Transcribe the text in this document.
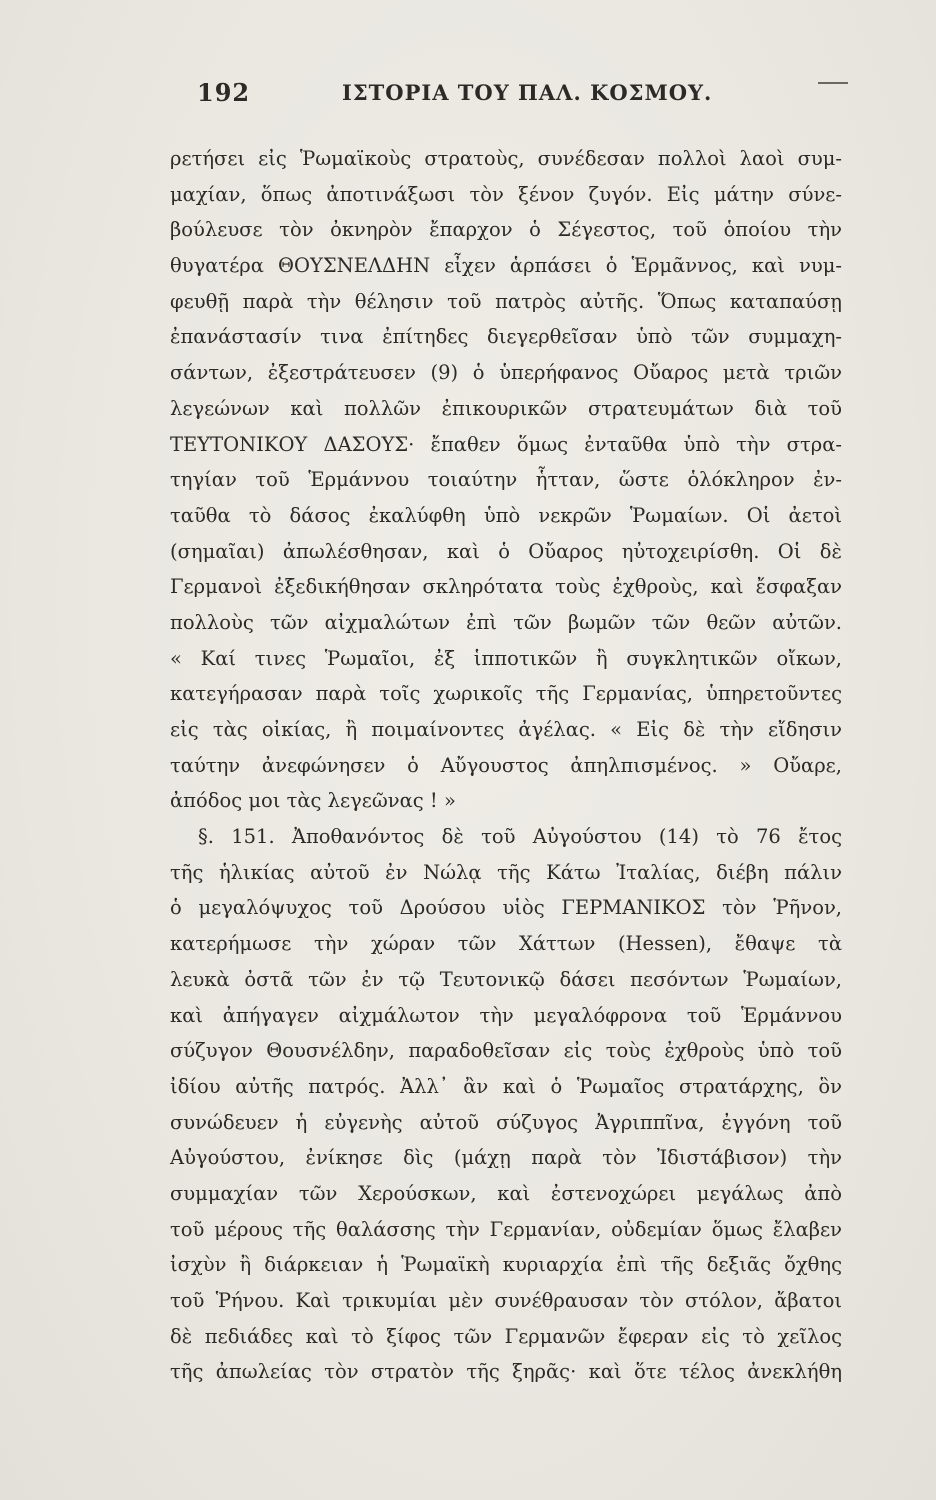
192	ΙΣΤΟΡΙΑ ΤΟΥ ΠΑΛ. ΚΟΣΜΟΥ.
ρετήσει εἰς Ῥωμαϊκοὺς στρατοὺς, συνέδεσαν πολλοὶ λαοὶ συμ-
μαχίαν, ὅπως ἀποτινάξωσι τὸν ξένον ζυγόν. Εἰς μάτην σύνε-
βούλευσε τὸν ὀκνηρὸν ἔπαρχον ὁ Σέγεστος, τοῦ ὁποίου τὴν
θυγατέρα ΘΟΥΣΝΕΛΔΗΝ εἶχεν ἁρπάσει ὁ Ἑρμᾶννος, καὶ νυμ-
φευθῇ παρὰ τὴν θέλησιν τοῦ πατρὸς αὐτῆς. Ὅπως καταπαύσῃ
ἐπανάστασίν τινα ἐπίτηδες διεγερθεῖσαν ὑπὸ τῶν συμμαχη-
σάντων, ἐξεστράτευσεν (9) ὁ ὑπερήφανος Οὔαρος μετὰ τριῶν
λεγεώνων καὶ πολλῶν ἐπικουρικῶν στρατευμάτων διὰ τοῦ
ΤΕΥΤΟΝΙΚΟΥ ΔΑΣΟΥΣ· ἔπαθεν ὅμως ἐνταῦθα ὑπὸ τὴν στρα-
τηγίαν τοῦ Ἑρμάννου τοιαύτην ἧτταν, ὥστε ὁλόκληρον ἐν-
ταῦθα τὸ δάσος ἐκαλύφθη ὑπὸ νεκρῶν Ῥωμαίων. Οἱ ἀετοὶ
(σημαῖαι) ἀπωλέσθησαν, καὶ ὁ Οὔαρος ηὐτοχειρίσθη. Οἱ δὲ
Γερμανοὶ ἐξεδικήθησαν σκληρότατα τοὺς ἐχθροὺς, καὶ ἔσφαξαν
πολλοὺς τῶν αἰχμαλώτων ἐπὶ τῶν βωμῶν τῶν θεῶν αὐτῶν.
« Καί τινες Ῥωμαῖοι, ἐξ ἱππoτικῶν ἢ συγκλητικῶν οἴκων,
κατεγήρασαν παρὰ τοῖς χωρικοῖς τῆς Γερμανίας, ὑπηρετοῦντες
εἰς τὰς οἰκίας, ἢ ποιμαίνοντες ἀγέλας. « Εἰς δὲ τὴν εἴδησιν
ταύτην ἀνεφώνησεν ὁ Αὔγουστος ἀπηλπισμένος. » Οὔαρε,
ἀπόδος μοι τὰς λεγεῶνας ! »
§. 151. Ἀποθανόντος δὲ τοῦ Αὐγούστου (14) τὸ 76 ἔτος
τῆς ἡλικίας αὐτοῦ ἐν Νώλᾳ τῆς Κάτω Ἰταλίας, διέβη πάλιν
ὁ μεγαλόψυχος τοῦ Δρούσου υἱὸς ΓΕΡΜΑΝΙΚΟΣ τὸν Ῥῆνον,
κατερήμωσε τὴν χώραν τῶν Χάττων (Hessen), ἔθαψε τὰ
λευκὰ ὀστᾶ τῶν ἐν τῷ Τευτονικῷ δάσει πεσόντων Ῥωμαίων,
καὶ ἀπήγαγεν αἰχμάλωτον τὴν μεγαλόφρονα τοῦ Ἑρμάννου
σύζυγον Θουσνέλδην, παραδοθεῖσαν εἰς τοὺς ἐχθροὺς ὑπὸ τοῦ
ἰδίου αὐτῆς πατρός. Ἀλλ᾽ ἂν καὶ ὁ Ῥωμαῖος στρατάρχης, ὃν
συνώδευεν ἡ εὐγενὴς αὐτοῦ σύζυγος Ἀγριππῖνα, ἐγγόνη τοῦ
Αὐγούστου, ἐνίκησε δὶς (μάχῃ παρὰ τὸν Ἰδιστάβισον) τὴν
συμμαχίαν τῶν Χερούσκων, καὶ ἐστενοχώρει μεγάλως ἀπὸ
τοῦ μέρους τῆς θαλάσσης τὴν Γερμανίαν, οὐδεμίαν ὅμως ἔλαβεν
ἰσχὺν ἢ διάρκειαν ἡ Ῥωμαϊκὴ κυριαρχία ἐπὶ τῆς δεξιᾶς ὄχθης
τοῦ Ῥήνου. Καὶ τρικυμίαι μὲν συνέθραυσαν τὸν στόλον, ἄβατοι
δὲ πεδιάδες καὶ τὸ ξίφος τῶν Γερμανῶν ἔφεραν εἰς τὸ χεῖλος
τῆς ἀπωλείας τὸν στρατὸν τῆς ξηρᾶς· καὶ ὅτε τέλος ἀνεκλήθη
